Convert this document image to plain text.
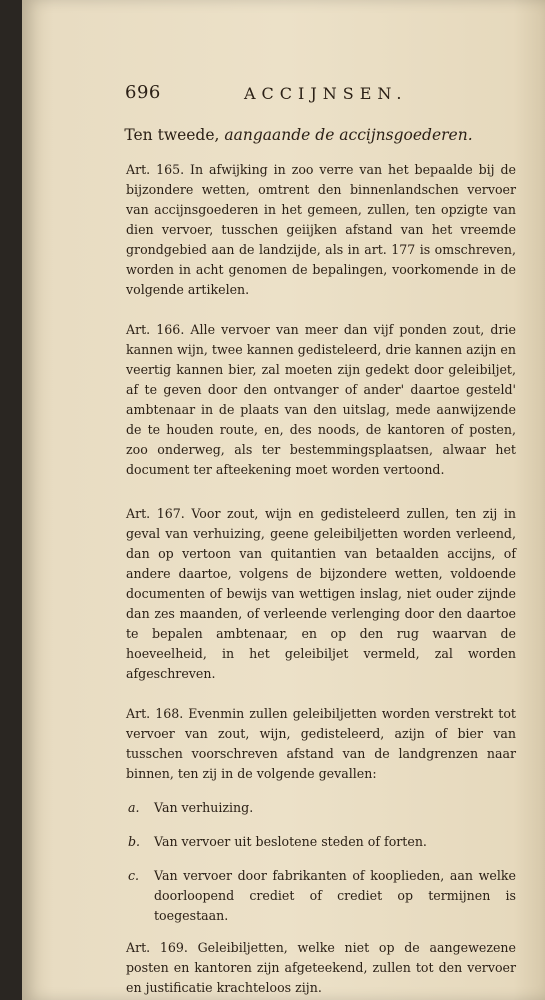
696	ACCIJNSEN.
Ten tweede, aangaande de accijnsgoederen.

Art. 165. In afwijking in zoo verre van het bepaalde bij de bijzondere wetten, omtrent den binnenlandschen vervoer van accijnsgoederen in het gemeen, zullen, ten opzigte van dien vervoer, tusschen geiijken afstand van het vreemde grondgebied aan de landzijde, als in art. 177 is omschreven, worden in acht genomen de bepalingen, voorkomende in de volgende artikelen.

Art. 166. Alle vervoer van meer dan vijf ponden zout, drie kannen wijn, twee kannen gedisteleerd, drie kannen azijn en veertig kannen bier, zal moeten zijn gedekt door geleibiljet, af te geven door den ontvanger of ander' daartoe gesteld' ambtenaar in de plaats van den uitslag, mede aanwijzende de te houden route, en, des noods, de kantoren of posten, zoo onderweg, als ter bestemmingsplaatsen, alwaar het document ter afteekening moet worden vertoond.

Art. 167. Voor zout, wijn en gedisteleerd zullen, ten zij in geval van verhuizing, geene geleibiljetten worden verleend, dan op vertoon van quitantien van betaalden accijns, of andere daartoe, volgens de bijzondere wetten, voldoende documenten of bewijs van wettigen inslag, niet ouder zijnde dan zes maanden, of verleende verlenging door den daartoe te bepalen ambtenaar, en op den rug waarvan de hoeveelheid, in het geleibiljet vermeld, zal worden afgeschreven.

Art. 168. Evenmin zullen geleibiljetten worden verstrekt tot vervoer van zout, wijn, gedisteleerd, azijn of bier van tusschen voorschreven afstand van de landgrenzen naar binnen, ten zij in de volgende gevallen:

a.	Van verhuizing.
b.	Van vervoer uit beslotene steden of forten.
c.	Van vervoer door fabrikanten of kooplieden, aan welke doorloopend crediet of crediet op termijnen is toegestaan.

Art. 169. Geleibiljetten, welke niet op de aangewezene posten en kantoren zijn afgeteekend, zullen tot den vervoer en justificatie krachteloos zijn.
